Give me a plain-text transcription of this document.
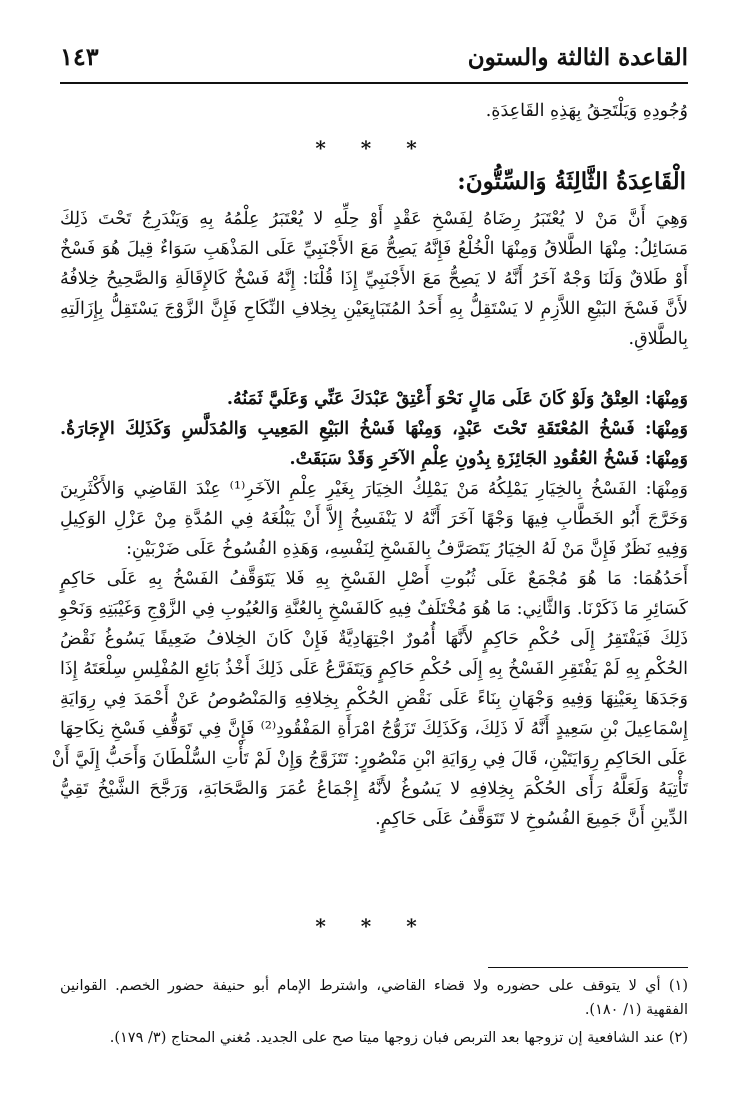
القاعدة الثالثة والستون
١٤٣
وُجُودِهِ وَيَلْتَحِقُ بِهَذِهِ القَاعِدَةِ.
* * *
الْقَاعِدَةُ الثَّالِثَةُ وَالسِّتُّونَ:
وَهِيَ أَنَّ مَنْ لا يُعْتَبَرُ رِضَاهُ لِفَسْخِ عَقْدٍ أَوْ حِلِّهِ لا يُعْتَبَرُ عِلْمُهُ بِهِ وَيَنْدَرِجُ تَحْتَ ذَلِكَ
مَسَائِلُ: مِنْهَا الطَّلاقُ وَمِنْهَا الْخُلْعُ فَإِنَّهُ يَصِحُّ مَعَ الأَجْنَبِيِّ عَلَى المَذْهَبِ سَوَاءٌ قِيلَ هُوَ فَسْخٌ
أَوْ طَلاقٌ وَلَنَا وَجْهٌ آخَرُ أَنَّهُ لا يَصِحُّ مَعَ الأَجْنَبِيِّ إِذَا قُلْنَا: إِنَّهُ فَسْخٌ كَالإِقَالَةِ وَالصَّحِيحُ خِلافُهُ
لأَنَّ فَسْخَ البَيْعِ اللاَّزِمِ لا يَسْتَقِلُّ بِهِ أَحَدُ المُتَبَايِعَيْنِ بِخِلافِ النِّكَاحِ فَإِنَّ الزَّوْجَ يَسْتَقِلُّ بِإِزَالَتِهِ
بِالطَّلاقِ.
وَمِنْهَا: العِتْقُ وَلَوْ كَانَ عَلَى مَالٍ نَحْوَ أَعْتِقْ عَبْدَكَ عَنِّي وَعَلَيَّ ثَمَنُهُ.
وَمِنْهَا: فَسْخُ المُعْتَقَةِ تَحْتَ عَبْدٍ، وَمِنْهَا فَسْخُ البَيْعِ المَعِيبِ وَالمُدَلَّسِ وَكَذَلِكَ الإِجَارَةُ.
وَمِنْهَا: فَسْخُ العُقُودِ الجَائِزَةِ بِدُونِ عِلْمِ الآخَرِ وَقَدْ سَبَقَتْ.
وَمِنْهَا: الفَسْخُ بِالخِيَارِ يَمْلِكُهُ مَنْ يَمْلِكُ الخِيَارَ بِغَيْرِ عِلْمِ الآخَرِ⁽¹⁾ عِنْدَ القَاضِي وَالأَكْثَرِينَ
وَخَرَّجَ أَبُو الخَطَّابِ فِيهَا وَجْهًا آخَرَ أَنَّهُ لا يَنْفَسِخُ إِلاَّ أَنْ يَبْلُغَهُ فِي المُدَّةِ مِنْ عَزْلِ الوَكِيلِ
وَفِيهِ نَظَرٌ فَإِنَّ مَنْ لَهُ الخِيَارُ يَتَصَرَّفُ بِالفَسْخِ لِنَفْسِهِ، وَهَذِهِ الفُسُوخُ عَلَى ضَرْبَيْنِ:
أَحَدُهُمَا: مَا هُوَ مُجْمَعٌ عَلَى ثُبُوتِ أَصْلِ الفَسْخِ بِهِ فَلا يَتَوَقَّفُ الفَسْخُ بِهِ عَلَى حَاكِمٍ
كَسَائِرِ مَا ذَكَرْنَا. وَالثَّانِي: مَا هُوَ مُخْتَلَفٌ فِيهِ كَالفَسْخِ بِالعُنَّةِ وَالعُيُوبِ فِي الزَّوْجِ وَغَيْبَتِهِ وَنَحْوِ
ذَلِكَ فَيَفْتَقِرُ إِلَى حُكْمِ حَاكِمٍ لأَنَّهَا أُمُورٌ اجْتِهَادِيَّةٌ فَإِنْ كَانَ الخِلافُ ضَعِيفًا يَسُوغُ نَقْضُ
الحُكْمِ بِهِ لَمْ يَفْتَقِرِ الفَسْخُ بِهِ إِلَى حُكْمِ حَاكِمٍ وَيَتَفَرَّعُ عَلَى ذَلِكَ أَخْذُ بَائِعِ المُفْلِسِ سِلْعَتَهُ إِذَا
وَجَدَهَا بِعَيْنِهَا وَفِيهِ وَجْهَانِ بِنَاءً عَلَى نَقْضِ الحُكْمِ بِخِلافِهِ وَالمَنْصُوصُ عَنْ أَحْمَدَ فِي رِوَايَةِ
إِسْمَاعِيلَ بْنِ سَعِيدٍ أَنَّهُ لَا ذَلِكَ، وَكَذَلِكَ تَزَوُّجُ امْرَأَةِ المَفْقُودِ⁽²⁾ فَإِنَّ فِي تَوَقُّفِ فَسْخِ نِكَاحِهَا
عَلَى الحَاكِمِ رِوَايَتَيْنِ، قَالَ فِي رِوَايَةِ ابْنِ مَنْصُورٍ: تَتَزَوَّجُ وَإِنْ لَمْ تَأْتِ السُّلْطَانَ وَأَحَبُّ إِلَيَّ أَنْ
تَأْتِيَهُ وَلَعَلَّهُ رَأَى الحُكْمَ بِخِلافِهِ لا يَسُوغُ لأَنَّهُ إِجْمَاعُ عُمَرَ وَالصَّحَابَةِ، وَرَجَّحَ الشَّيْخُ تَقِيُّ
الدِّينِ أَنَّ جَمِيعَ الفُسُوخِ لا تَتَوَقَّفُ عَلَى حَاكِمٍ.
* * *
(١) أي لا يتوقف على حضوره ولا قضاء القاضي، واشترط الإمام أبو حنيفة حضور الخصم. القوانين
الفقهية (١/ ١٨٠).
(٢) عند الشافعية إن تزوجها بعد التربص فبان زوجها ميتا صح على الجديد. مُغني المحتاج (٣/ ١٧٩).
